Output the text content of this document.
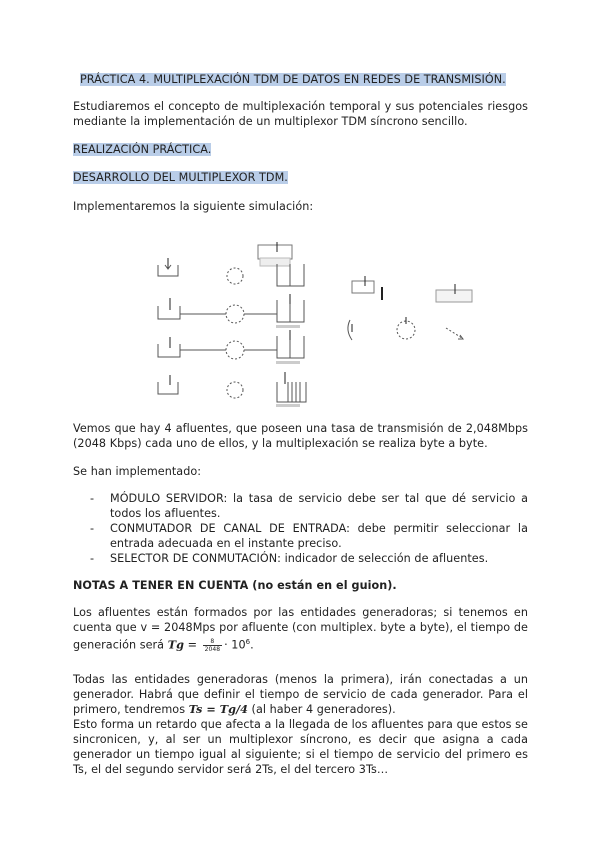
PRÁCTICA 4. MULTIPLEXACIÓN TDM DE DATOS EN REDES DE TRANSMISIÓN.
Estudiaremos el concepto de multiplexación temporal y sus potenciales riesgos mediante la implementación de un multiplexor TDM síncrono sencillo.
REALIZACIÓN PRÁCTICA.
DESARROLLO DEL MULTIPLEXOR TDM.
Implementaremos la siguiente simulación:
Vemos que hay 4 afluentes, que poseen una tasa de transmisión de 2,048Mbps (2048 Kbps) cada uno de ellos, y la multiplexación se realiza byte a byte.
Se han implementado:
- MÓDULO SERVIDOR: la tasa de servicio debe ser tal que dé servicio a todos los afluentes.
- CONMUTADOR DE CANAL DE ENTRADA: debe permitir seleccionar la entrada adecuada en el instante preciso.
- SELECTOR DE CONMUTACIÓN: indicador de selección de afluentes.
NOTAS A TENER EN CUENTA (no están en el guion).
Los afluentes están formados por las entidades generadoras; si tenemos en cuenta que v = 2048Mps por afluente (con multiplex. byte a byte), el tiempo de generación será $Tg = \frac{8}{2048} \cdot 10^6$.
Todas las entidades generadoras (menos la primera), irán conectadas a un generador. Habrá que definir el tiempo de servicio de cada generador. Para el primero, tendremos Ts = Tg/4 (al haber 4 generadores).
Esto forma un retardo que afecta a la llegada de los afluentes para que estos se sincronicen, y, al ser un multiplexor síncrono, es decir que asigna a cada generador un tiempo igual al siguiente; si el tiempo de servicio del primero es Ts, el del segundo servidor será 2Ts, el del tercero 3Ts…
